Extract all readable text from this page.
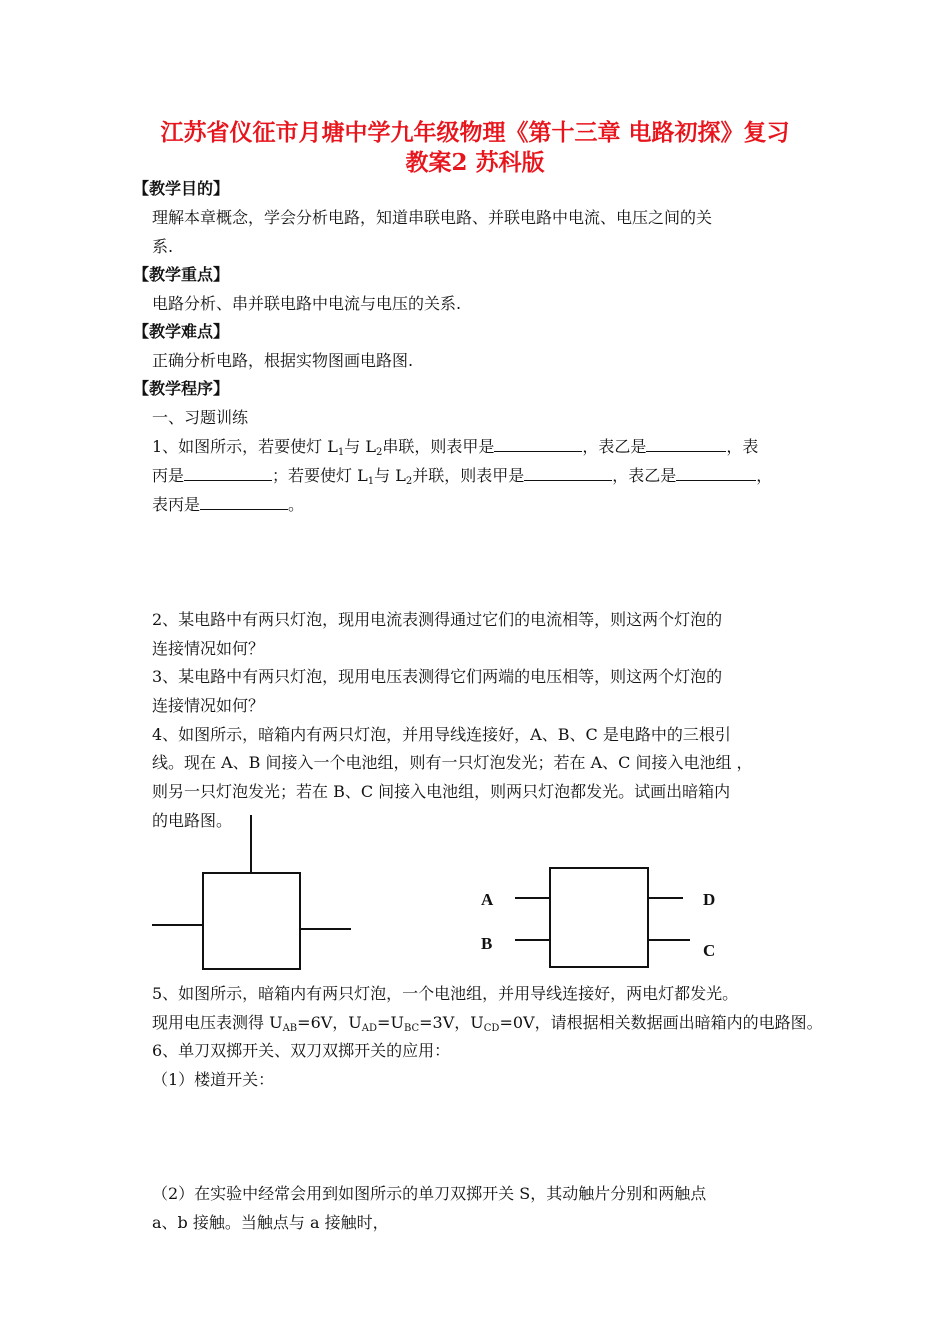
江苏省仪征市月塘中学九年级物理《第十三章 电路初探》复习
教案2 苏科版
【教学目的】
理解本章概念，学会分析电路，知道串联电路、并联电路中电流、电压之间的关
系.
【教学重点】
电路分析、串并联电路中电流与电压的关系.
【教学难点】
正确分析电路，根据实物图画电路图.
【教学程序】
一、习题训练
1、如图所示，若要使灯 $L_1$与 $L_2$串联，则表甲是	，表乙是	，表
丙是	；若要使灯 $L_1$与 $L_2$并联，则表甲是	，表乙是	，
表丙是	。
2、某电路中有两只灯泡，现用电流表测得通过它们的电流相等，则这两个灯泡的
连接情况如何？
3、某电路中有两只灯泡，现用电压表测得它们两端的电压相等，则这两个灯泡的
连接情况如何？
4、如图所示，暗箱内有两只灯泡，并用导线连接好，A、B、C 是电路中的三根引
线。现在 A、B 间接入一个电池组，则有一只灯泡发光；若在 A、C 间接入电池组 ，
则另一只灯泡发光；若在 B、C 间接入电池组，则两只灯泡都发光。试画出暗箱内
的电路图。
A
B
D
C
5、如图所示，暗箱内有两只灯泡，一个电池组，并用导线连接好，两电灯都发光。
现用电压表测得 $U_{AB}=6V$，$U_{AD}=U_{BC}=3V$，$U_{CD}=0V$，请根据相关数据画出暗箱内的电路图。
6、单刀双掷开关、双刀双掷开关的应用：
（1）楼道开关：
（2）在实验中经常会用到如图所示的单刀双掷开关 S，其动触片分别和两触点
a、b 接触。当触点与 a 接触时，
